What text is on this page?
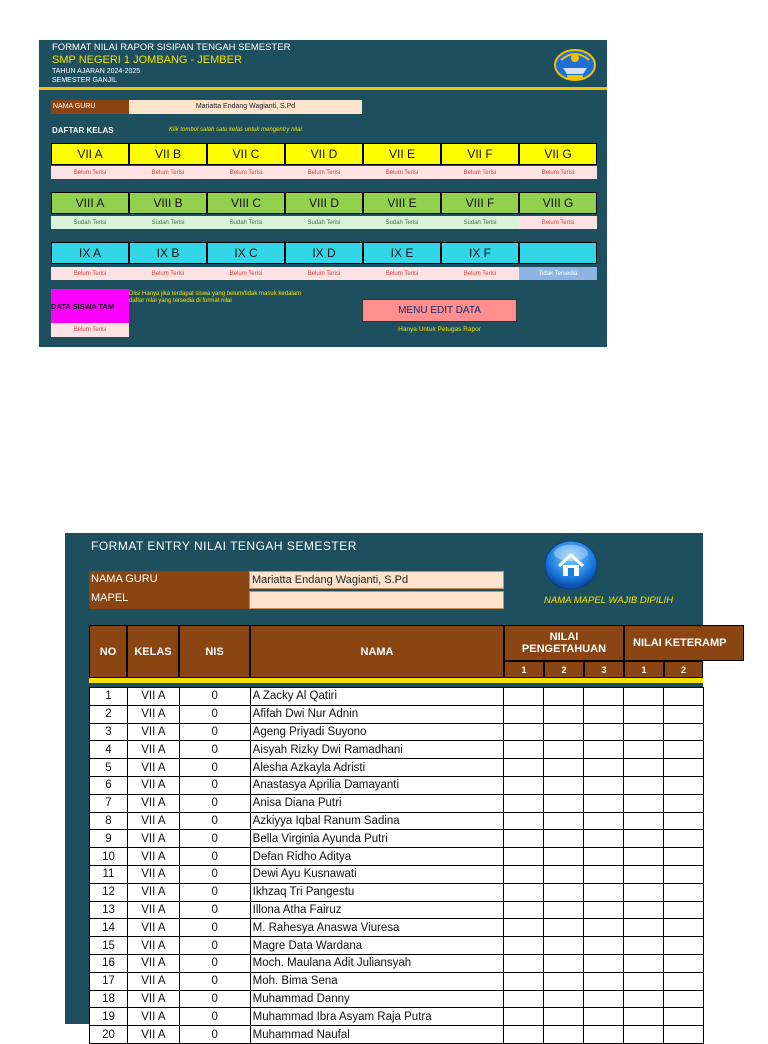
FORMAT NILAI RAPOR SISIPAN TENGAH SEMESTER
SMP NEGERI 1 JOMBANG - JEMBER
TAHUN AJARAN 2024-2025
SEMESTER GANJIL
NAMA GURU	Mariatta Endang Wagianti, S.Pd
DAFTAR KELAS	Klik tombol salah satu kelas untuk mengentry nilai
VII A	VII B	VII C	VII D	VII E	VII F	VII G
Belum Terisi	Belum Terisi	Belum Terisi	Belum Terisi	Belum Terisi	Belum Terisi	Belum Terisi
VIII A	VIII B	VIII C	VIII D	VIII E	VIII F	VIII G
Sudah Terisi	Sudah Terisi	Sudah Terisi	Sudah Terisi	Sudah Terisi	Sudah Terisi	Belum Terisi
IX A	IX B	IX C	IX D	IX E	IX F
Belum Terisi	Belum Terisi	Belum Terisi	Belum Terisi	Belum Terisi	Belum Terisi	Tidak Tersedia
DATA SISWA TAM
Diisi Hanya jika terdapat siswa yang belum/tidak masuk kedalam daftar nilai yang tersedia di format nilai
Belum Terisi
MENU EDIT DATA
Hanya Untuk Petugas Rapor
FORMAT ENTRY NILAI TENGAH SEMESTER
NAMA GURU
MAPEL
Mariatta Endang Wagianti, S.Pd
NAMA MAPEL WAJIB DIPILIH
NO	KELAS	NIS	NAMA
NILAI PENGETAHUAN	NILAI KETERAMP
1	2	3	1	2
1	VII A	0	A Zacky Al Qatiri					
2	VII A	0	Afifah Dwi Nur Adnin					
3	VII A	0	Ageng Priyadi Suyono					
4	VII A	0	Aisyah Rizky Dwi Ramadhani					
5	VII A	0	Alesha Azkayla Adristi					
6	VII A	0	Anastasya Aprilia Damayanti					
7	VII A	0	Anisa Diana Putri					
8	VII A	0	Azkiyya Iqbal Ranum Sadina					
9	VII A	0	Bella Virginia Ayunda Putri					
10	VII A	0	Defan Ridho Aditya					
11	VII A	0	Dewi Ayu Kusnawati					
12	VII A	0	Ikhzaq Tri Pangestu					
13	VII A	0	Illona Atha Fairuz					
14	VII A	0	M. Rahesya Anaswa Viuresa					
15	VII A	0	Magre Data Wardana					
16	VII A	0	Moch. Maulana Adit Juliansyah					
17	VII A	0	Moh. Bima Sena					
18	VII A	0	Muhammad Danny					
19	VII A	0	Muhammad Ibra Asyam Raja Putra					
20	VII A	0	Muhammad Naufal					
